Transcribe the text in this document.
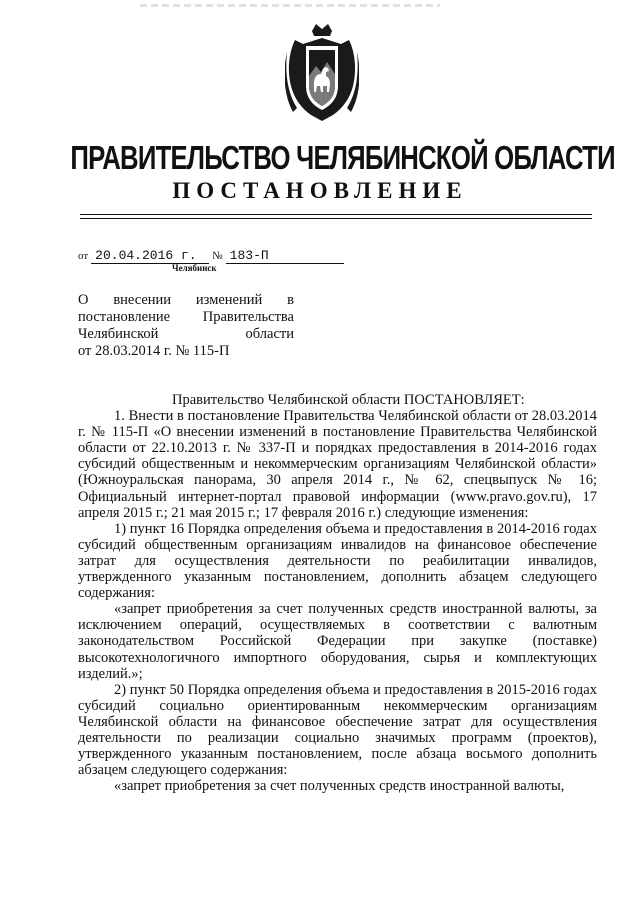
ПРАВИТЕЛЬСТВО ЧЕЛЯБИНСКОЙ ОБЛАСТИ
ПОСТАНОВЛЕНИЕ
от 20.04.2016 г. № 183-П
Челябинск
О внесении изменений в
постановление Правительства
Челябинской	области
от 28.03.2014 г. № 115-П

Правительство Челябинской области ПОСТАНОВЛЯЕТ:

1. Внести в постановление Правительства Челябинской области от 28.03.2014 г. № 115-П «О внесении изменений в постановление Правительства Челябинской области от 22.10.2013 г. № 337-П и порядках предоставления в 2014-2016 годах субсидий общественным и некоммерческим организациям Челябинской области» (Южноуральская панорама, 30 апреля 2014 г., № 62, спецвыпуск № 16; Официальный интернет-портал правовой информации (www.pravo.gov.ru), 17 апреля 2015 г.; 21 мая 2015 г.; 17 февраля 2016 г.) следующие изменения:

1) пункт 16 Порядка определения объема и предоставления в 2014-2016 годах субсидий общественным организациям инвалидов на финансовое обеспечение затрат для осуществления деятельности по реабилитации инвалидов, утвержденного указанным постановлением, дополнить абзацем следующего содержания:

«запрет приобретения за счет полученных средств иностранной валюты, за исключением операций, осуществляемых в соответствии с валютным законодательством Российской Федерации при закупке (поставке) высокотехнологичного импортного оборудования, сырья и комплектующих изделий.»;

2) пункт 50 Порядка определения объема и предоставления в 2015-2016 годах субсидий социально ориентированным некоммерческим организациям Челябинской области на финансовое обеспечение затрат для осуществления деятельности по реализации социально значимых программ (проектов), утвержденного указанным постановлением, после абзаца восьмого дополнить абзацем следующего содержания:

«запрет приобретения за счет полученных средств иностранной валюты,
